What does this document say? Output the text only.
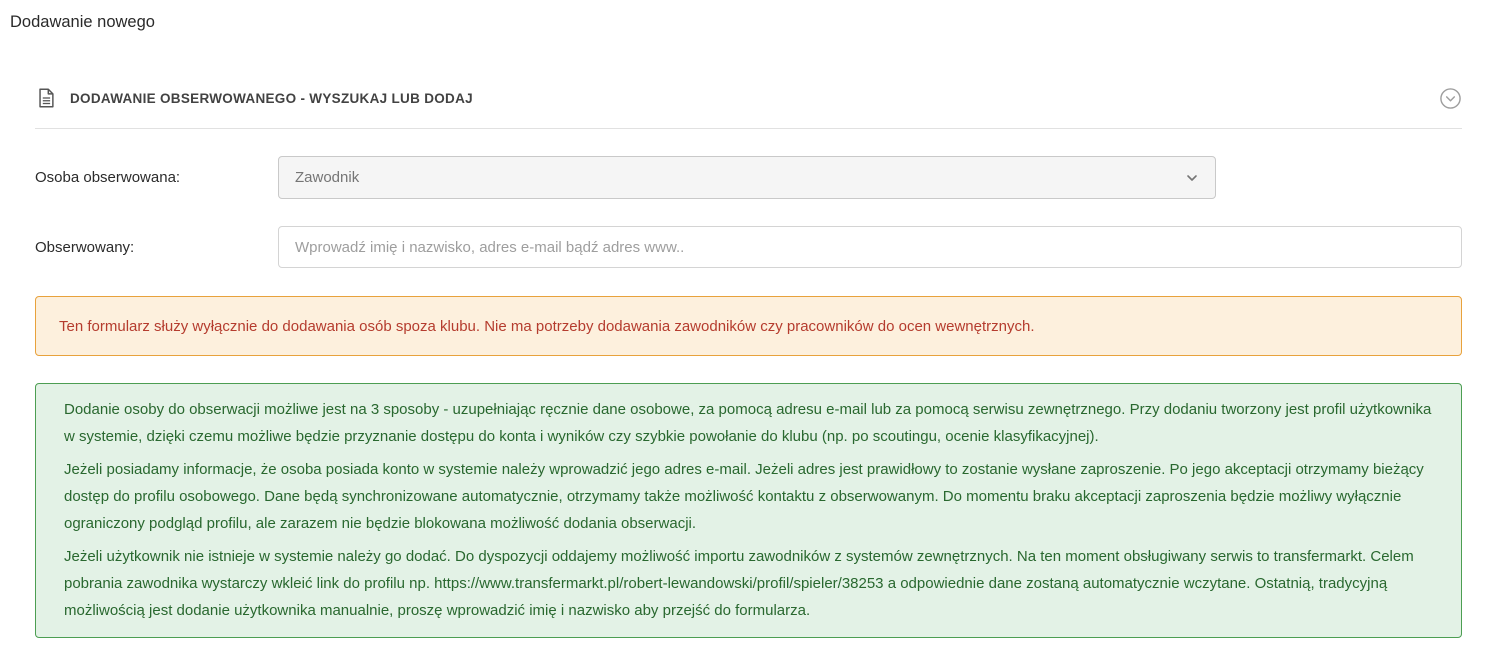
Dodawanie nowego
DODAWANIE OBSERWOWANEGO - WYSZUKAJ LUB DODAJ
Osoba obserwowana:	Zawodnik
Obserwowany:
Wprowadź imię i nazwisko, adres e-mail bądź adres www..
Ten formularz służy wyłącznie do dodawania osób spoza klubu. Nie ma potrzeby dodawania zawodników czy pracowników do ocen wewnętrznych.

Dodanie osoby do obserwacji możliwe jest na 3 sposoby - uzupełniając ręcznie dane osobowe, za pomocą adresu e-mail lub za pomocą serwisu zewnętrznego. Przy dodaniu tworzony jest profil użytkownika w systemie, dzięki czemu możliwe będzie przyznanie dostępu do konta i wyników czy szybkie powołanie do klubu (np. po scoutingu, ocenie klasyfikacyjnej).

Jeżeli posiadamy informacje, że osoba posiada konto w systemie należy wprowadzić jego adres e-mail. Jeżeli adres jest prawidłowy to zostanie wysłane zaproszenie. Po jego akceptacji otrzymamy bieżący dostęp do profilu osobowego. Dane będą synchronizowane automatycznie, otrzymamy także możliwość kontaktu z obserwowanym. Do momentu braku akceptacji zaproszenia będzie możliwy wyłącznie ograniczony podgląd profilu, ale zarazem nie będzie blokowana możliwość dodania obserwacji.

Jeżeli użytkownik nie istnieje w systemie należy go dodać. Do dyspozycji oddajemy możliwość importu zawodników z systemów zewnętrznych. Na ten moment obsługiwany serwis to transfermarkt. Celem pobrania zawodnika wystarczy wkleić link do profilu np. https://www.transfermarkt.pl/robert-lewandowski/profil/spieler/38253 a odpowiednie dane zostaną automatycznie wczytane. Ostatnią, tradycyjną możliwością jest dodanie użytkownika manualnie, proszę wprowadzić imię i nazwisko aby przejść do formularza.
